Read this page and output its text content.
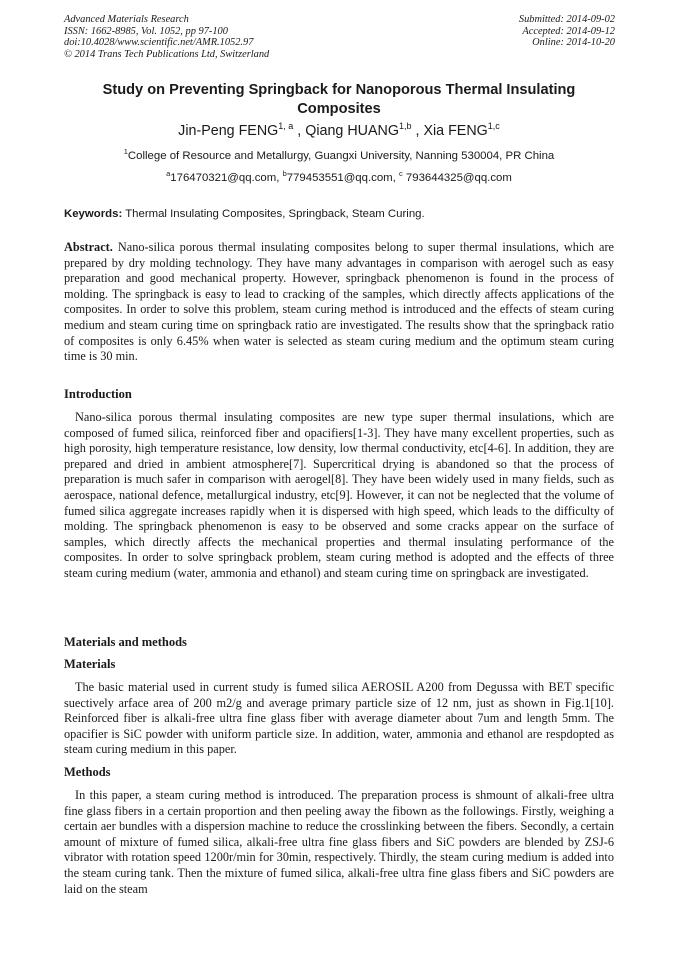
Advanced Materials Research
ISSN: 1662-8985, Vol. 1052, pp 97-100
doi:10.4028/www.scientific.net/AMR.1052.97
© 2014 Trans Tech Publications Ltd, Switzerland
Submitted: 2014-09-02
Accepted: 2014-09-12
Online: 2014-10-20
Study on Preventing Springback for Nanoporous Thermal Insulating Composites
Jin-Peng FENG$^{1, a}$ , Qiang HUANG$^{1,b}$ , Xia FENG$^{1,c}$
$^1$College of Resource and Metallurgy, Guangxi University, Nanning 530004, PR China
$^a$176470321@qq.com, $^b$779453551@qq.com, $^c$ 793644325@qq.com
Keywords: Thermal Insulating Composites, Springback, Steam Curing.

Abstract. Nano-silica porous thermal insulating composites belong to super thermal insulations, which are prepared by dry molding technology. They have many advantages in comparison with aerogel such as easy preparation and good mechanical property. However, springback phenomenon is found in the process of molding. The springback is easy to lead to cracking of the samples, which directly affects applications of the composites. In order to solve this problem, steam curing method is introduced and the effects of steam curing medium and steam curing time on springback ratio are investigated. The results show that the springback ratio of composites is only 6.45% when water is selected as steam curing medium and the optimum steam curing time is 30 min.

Introduction

Nano-silica porous thermal insulating composites are new type super thermal insulations, which are composed of fumed silica, reinforced fiber and opacifiers[1-3]. They have many excellent properties, such as high porosity, high temperature resistance, low density, low thermal conductivity, etc[4-6]. In addition, they are prepared and dried in ambient atmosphere[7]. Supercritical drying is abandoned so that the process of preparation is much safer in comparison with aerogel[8]. They have been widely used in many fields, such as aerospace, national defence, metallurgical industry, etc[9]. However, it can not be neglected that the volume of fumed silica aggregate increases rapidly when it is dispersed with high speed, which leads to the difficulty of molding. The springback phenomenon is easy to be observed and some cracks appear on the surface of samples, which directly affects the mechanical properties and thermal insulating performance of the composites. In order to solve springback problem, steam curing method is adopted and the effects of three steam curing medium (water, ammonia and ethanol) and steam curing time on springback are investigated.

Materials and methods
Materials

The basic material used in current study is fumed silica AEROSIL A200 from Degussa with BET specific suectively arface area of 200 m2/g and average primary particle size of 12 nm, just as shown in Fig.1[10]. Reinforced fiber is alkali-free ultra fine glass fiber with average diameter about 7um and length 5mm. The opacifier is SiC powder with uniform particle size. In addition, water, ammonia and ethanol are respdopted as steam curing medium in this paper.

Methods

In this paper, a steam curing method is introduced. The preparation process is shmount of alkali-free ultra fine glass fibers in a certain proportion and then peeling away the fibown as the followings. Firstly, weighing a certain aer bundles with a dispersion machine to reduce the crosslinking between the fibers. Secondly, a certain amount of mixture of fumed silica, alkali-free ultra fine glass fibers and SiC powders are blended by ZSJ-6 vibrator with rotation speed 1200r/min for 30min, respectively. Thirdly, the steam curing medium is added into the steam curing tank. Then the mixture of fumed silica, alkali-free ultra fine glass fibers and SiC powders are laid on the steam
